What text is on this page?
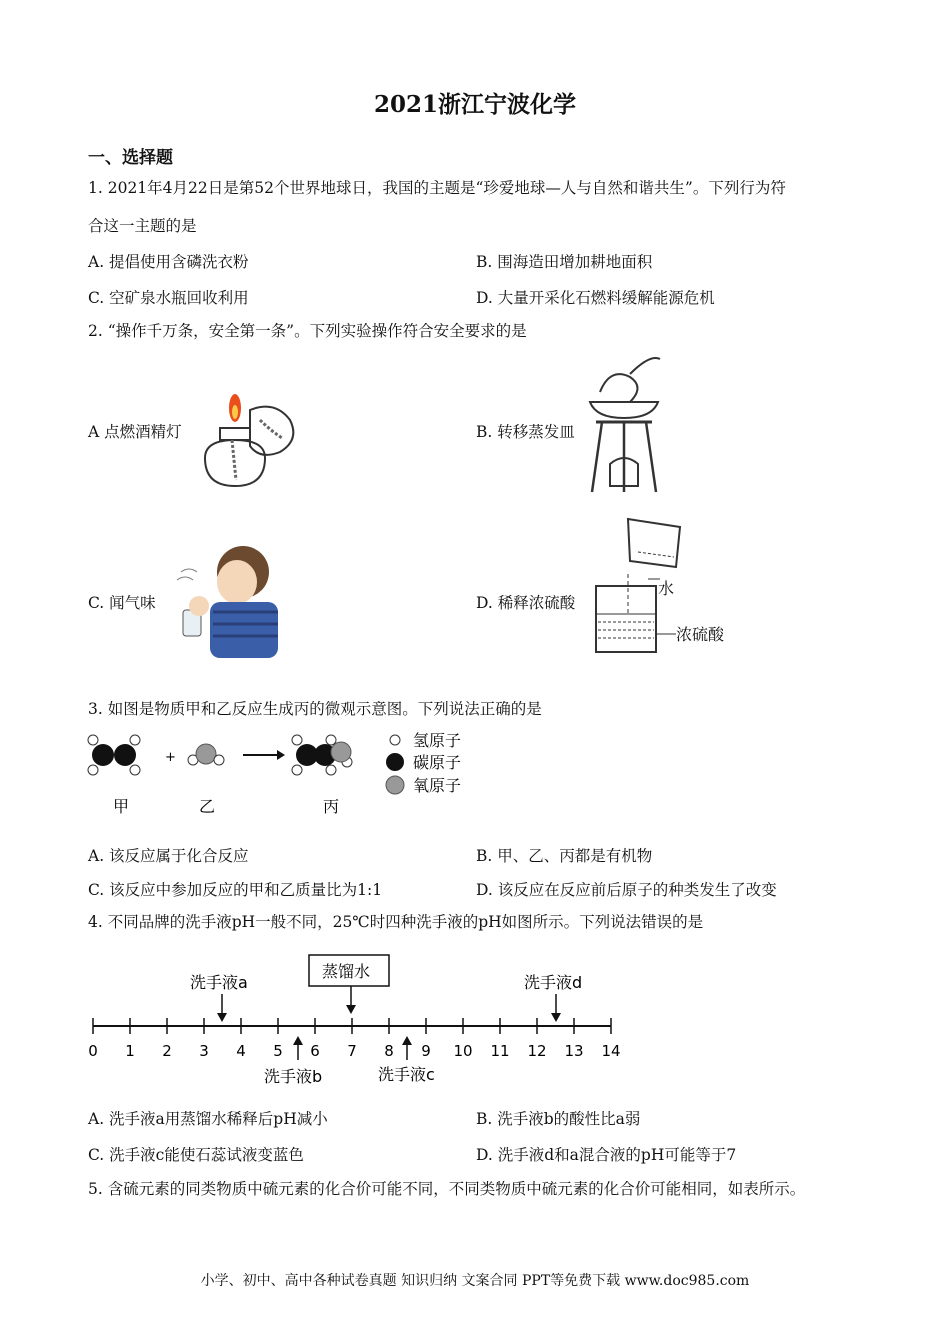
2021浙江宁波化学
一、选择题
1. 2021年4月22日是第52个世界地球日，我国的主题是“珍爱地球—人与自然和谐共生”。下列行为符
合这一主题的是
A. 提倡使用含磷洗衣粉	B. 围海造田增加耕地面积
C. 空矿泉水瓶回收利用	D. 大量开采化石燃料缓解能源危机
2. “操作千万条，安全第一条”。下列实验操作符合安全要求的是
A 点燃酒精灯	B. 转移蒸发皿
C. 闻气味	D. 稀释浓硫酸
水
浓硫酸
3. 如图是物质甲和乙反应生成丙的微观示意图。下列说法正确的是
+
氢原子
碳原子
氧原子
甲	乙	丙
A. 该反应属于化合反应	B. 甲、乙、丙都是有机物
C. 该反应中参加反应的甲和乙质量比为1:1	D. 该反应在反应前后原子的种类发生了改变
4. 不同品牌的洗手液pH一般不同，25℃时四种洗手液的pH如图所示。下列说法错误的是
0 1 2 3 4 5 6 7 8 9 10 11 12 13 14
蒸馏水
洗手液a	洗手液d
洗手液b	洗手液c
A. 洗手液a用蒸馏水稀释后pH减小	B. 洗手液b的酸性比a弱
C. 洗手液c能使石蕊试液变蓝色	D. 洗手液d和a混合液的pH可能等于7
5. 含硫元素的同类物质中硫元素的化合价可能不同，不同类物质中硫元素的化合价可能相同，如表所示。
小学、初中、高中各种试卷真题 知识归纳 文案合同 PPT等免费下载 www.doc985.com
